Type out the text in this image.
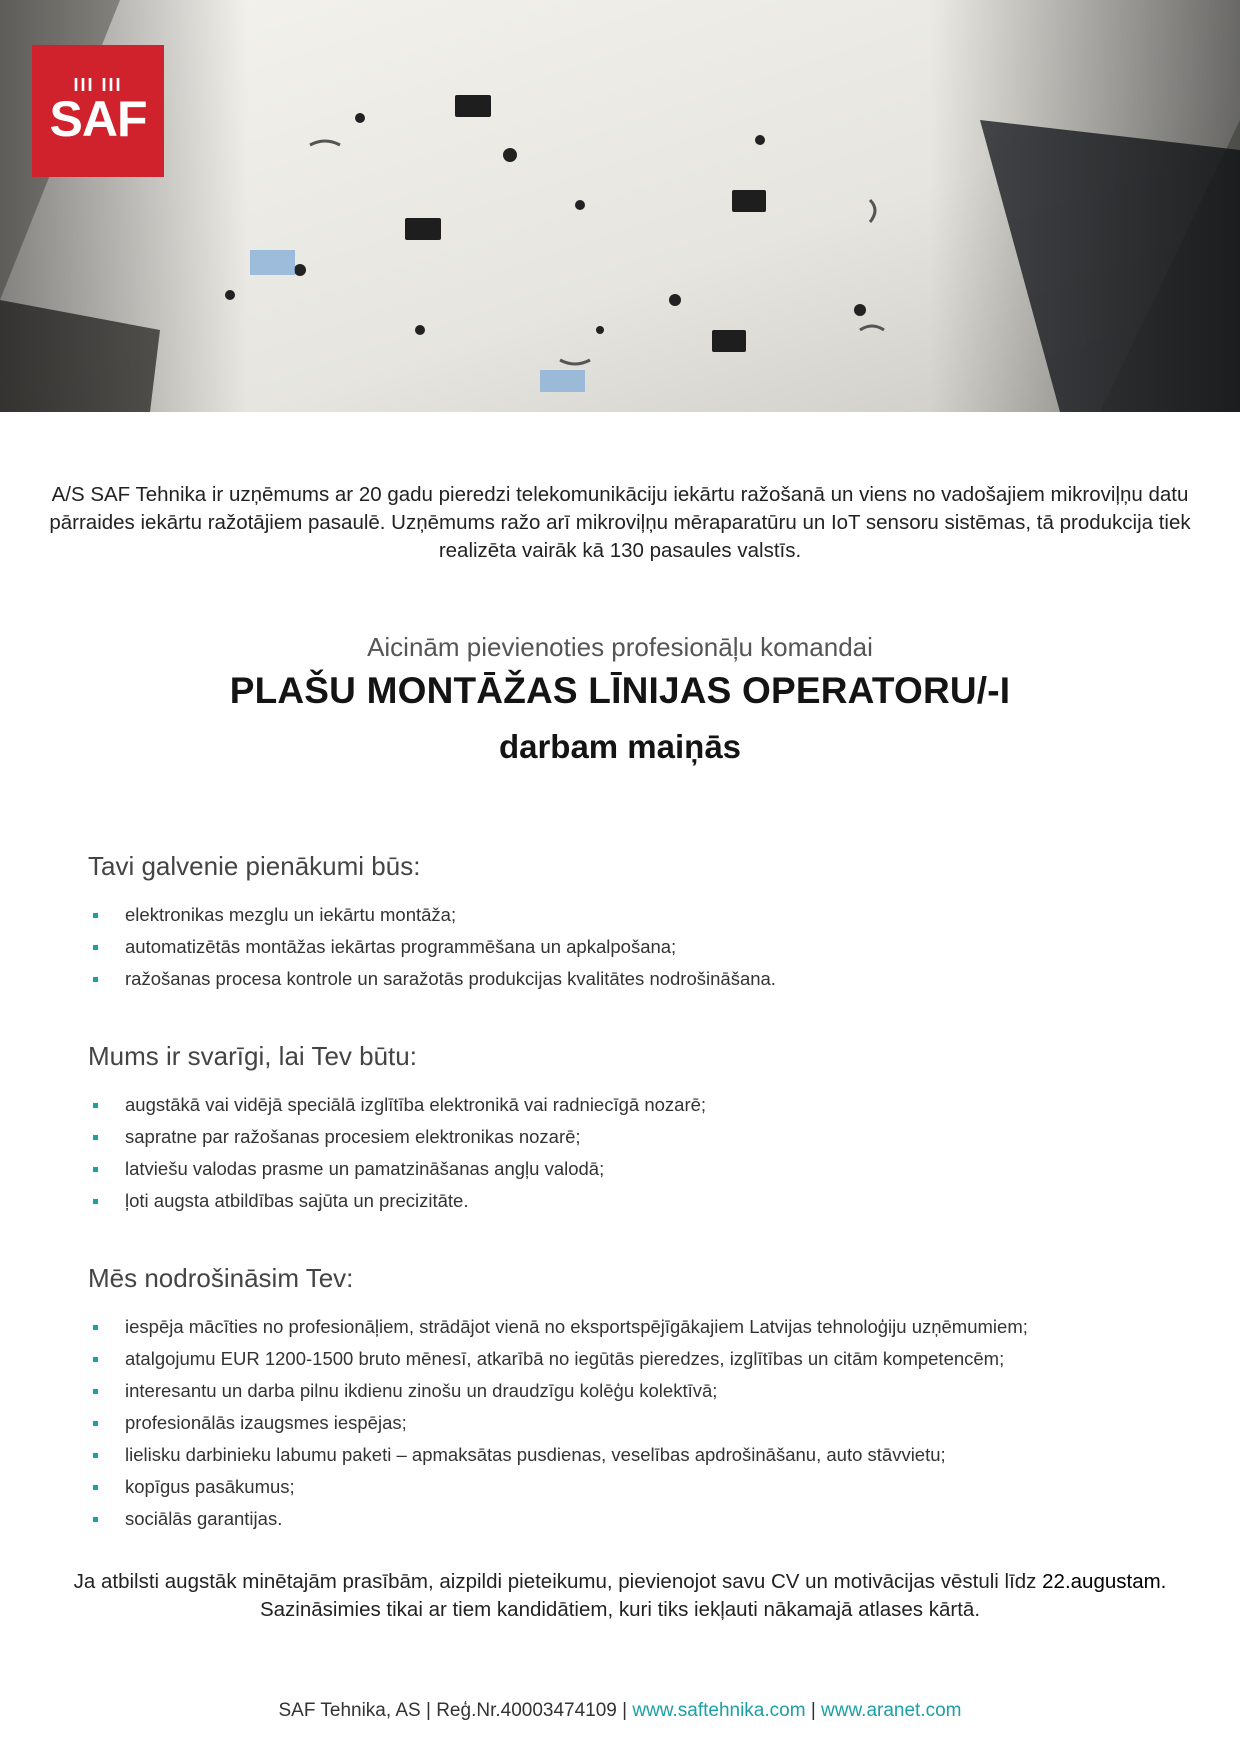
III III
SAF
A/S SAF Tehnika ir uzņēmums ar 20 gadu pieredzi telekomunikāciju iekārtu ražošanā un viens no vadošajiem mikroviļņu datu pārraides iekārtu ražotājiem pasaulē. Uzņēmums ražo arī mikroviļņu mēraparatūru un IoT sensoru sistēmas, tā produkcija tiek realizēta vairāk kā 130 pasaules valstīs.
Aicinām pievienoties profesionāļu komandai
PLAŠU MONTĀŽAS LĪNIJAS OPERATORU/-I
darbam maiņās
Tavi galvenie pienākumi būs:
elektronikas mezglu un iekārtu montāža;
automatizētās montāžas iekārtas programmēšana un apkalpošana;
ražošanas procesa kontrole un saražotās produkcijas kvalitātes nodrošināšana.
Mums ir svarīgi, lai Tev būtu:
augstākā vai vidējā speciālā izglītība elektronikā vai radniecīgā nozarē;
sapratne par ražošanas procesiem elektronikas nozarē;
latviešu valodas prasme un pamatzināšanas angļu valodā;
ļoti augsta atbildības sajūta un precizitāte.
Mēs nodrošināsim Tev:
iespēja mācīties no profesionāļiem, strādājot vienā no eksportspējīgākajiem Latvijas tehnoloģiju uzņēmumiem;
atalgojumu EUR 1200-1500 bruto mēnesī, atkarībā no iegūtās pieredzes, izglītības un citām kompetencēm;
interesantu un darba pilnu ikdienu zinošu un draudzīgu kolēģu kolektīvā;
profesionālās izaugsmes iespējas;
lielisku darbinieku labumu paketi – apmaksātas pusdienas, veselības apdrošināšanu, auto stāvvietu;
kopīgus pasākumus;
sociālās garantijas.
Ja atbilsti augstāk minētajām prasībām, aizpildi pieteikumu, pievienojot savu CV un motivācijas vēstuli līdz 22.augustam. Sazināsimies tikai ar tiem kandidātiem, kuri tiks iekļauti nākamajā atlases kārtā.
SAF Tehnika, AS | Reģ.Nr.40003474109 | www.saftehnika.com | www.aranet.com
